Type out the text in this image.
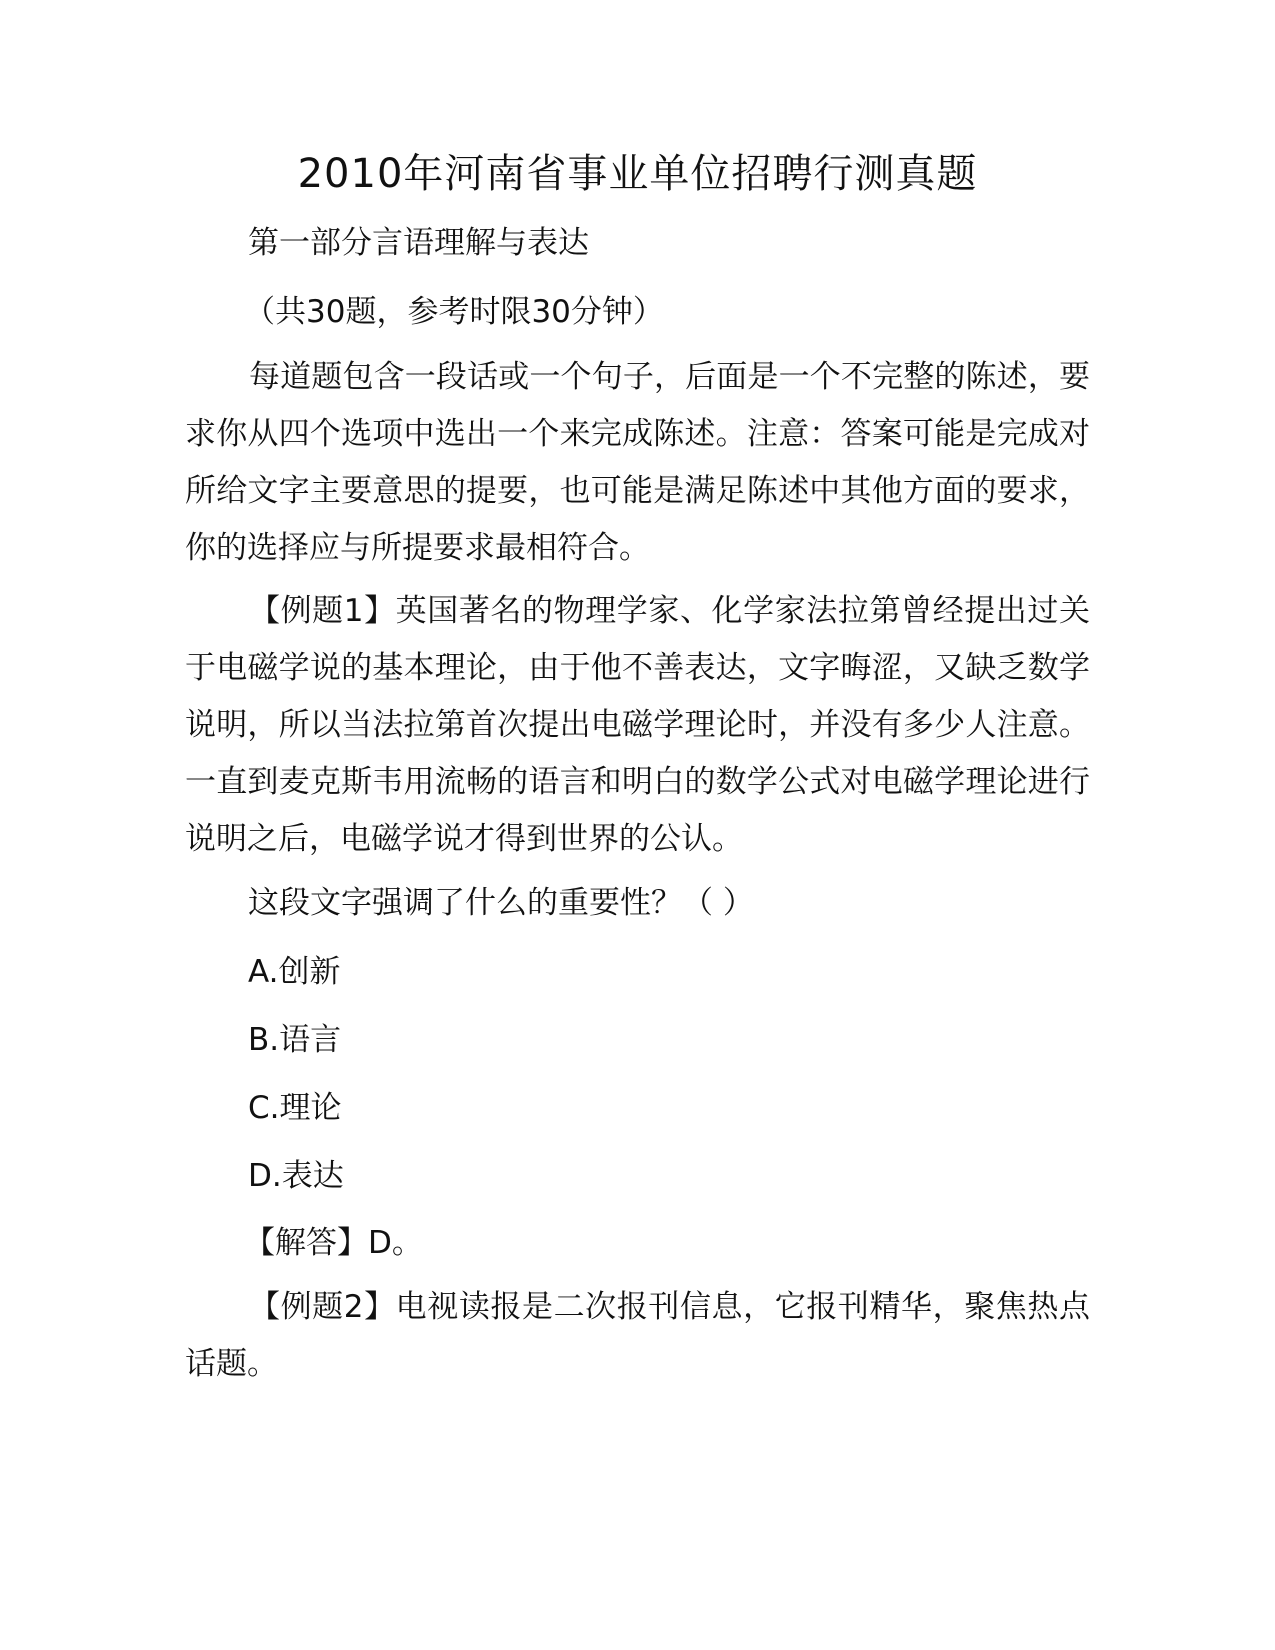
2010年河南省事业单位招聘行测真题
第一部分言语理解与表达
（共30题，参考时限30分钟）
每道题包含一段话或一个句子，后面是一个不完整的陈述，要求你从四个选项中选出一个来完成陈述。注意：答案可能是完成对所给文字主要意思的提要，也可能是满足陈述中其他方面的要求，你的选择应与所提要求最相符合。
【例题1】英国著名的物理学家、化学家法拉第曾经提出过关于电磁学说的基本理论，由于他不善表达，文字晦涩，又缺乏数学说明，所以当法拉第首次提出电磁学理论时，并没有多少人注意。一直到麦克斯韦用流畅的语言和明白的数学公式对电磁学理论进行说明之后，电磁学说才得到世界的公认。
这段文字强调了什么的重要性？（ ）
A.创新
B.语言
C.理论
D.表达
【解答】D。
【例题2】电视读报是二次报刊信息，它报刊精华，聚焦热点话题。
